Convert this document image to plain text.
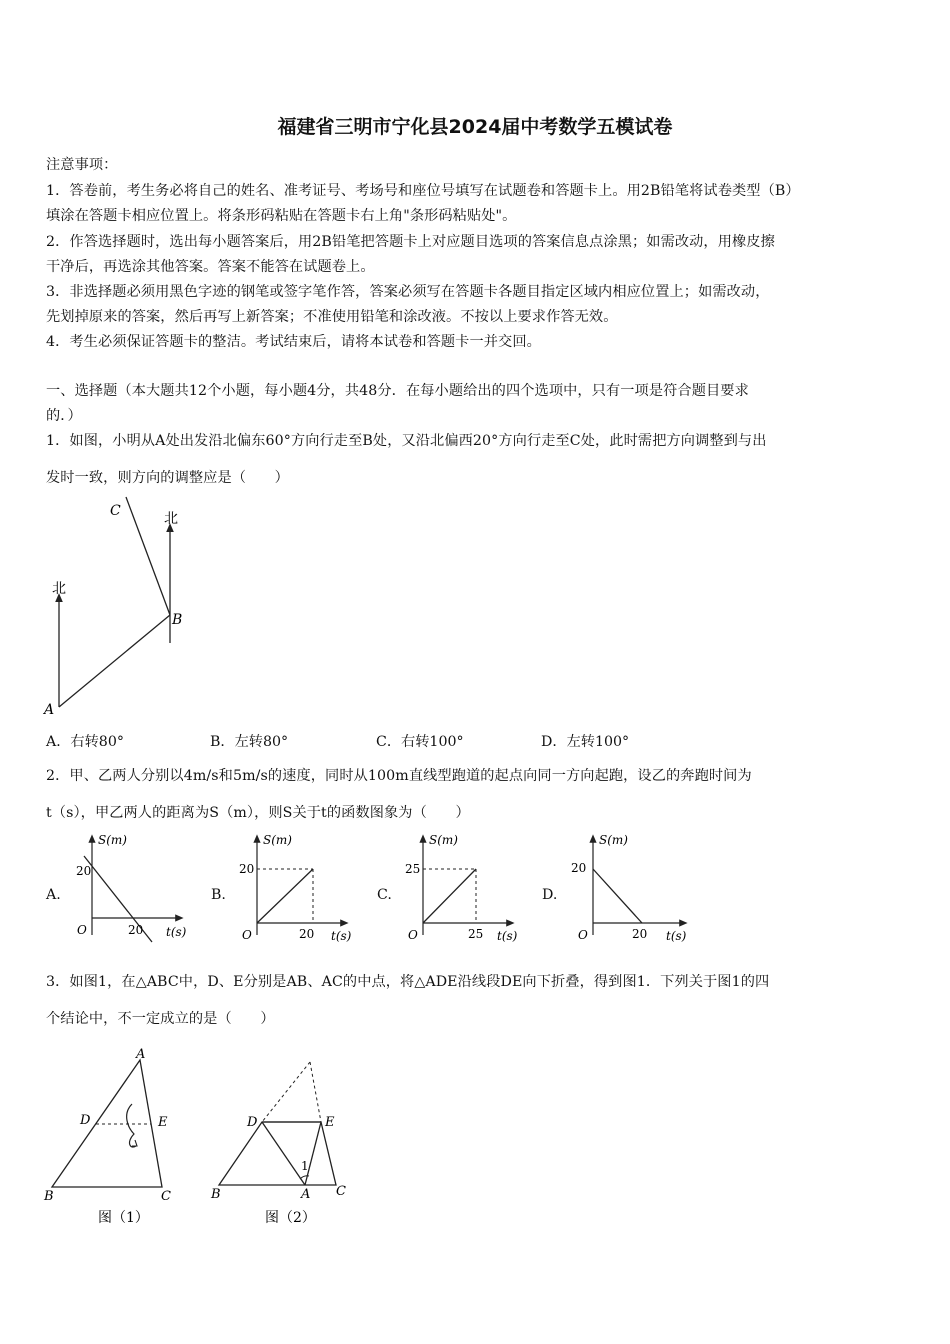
福建省三明市宁化县2024届中考数学五模试卷
注意事项：
1．答卷前，考生务必将自己的姓名、准考证号、考场号和座位号填写在试题卷和答题卡上。用2B铅笔将试卷类型（B）
填涂在答题卡相应位置上。将条形码粘贴在答题卡右上角"条形码粘贴处"。
2．作答选择题时，选出每小题答案后，用2B铅笔把答题卡上对应题目选项的答案信息点涂黑；如需改动，用橡皮擦
干净后，再选涂其他答案。答案不能答在试题卷上。
3．非选择题必须用黑色字迹的钢笔或签字笔作答，答案必须写在答题卡各题目指定区域内相应位置上；如需改动，
先划掉原来的答案，然后再写上新答案；不准使用铅笔和涂改液。不按以上要求作答无效。
4．考生必须保证答题卡的整洁。考试结束后，请将本试卷和答题卡一并交回。
一、选择题（本大题共12个小题，每小题4分，共48分．在每小题给出的四个选项中，只有一项是符合题目要求
的．）
1．如图，小明从A处出发沿北偏东60°方向行走至B处，又沿北偏西20°方向行走至C处，此时需把方向调整到与出
发时一致，则方向的调整应是（　　）
A
B
C
北
北
A．右转80°	B．左转80°	C．右转100°	D．左转100°
2．甲、乙两人分别以4m/s和5m/s的速度，同时从100m直线型跑道的起点向同一方向起跑，设乙的奔跑时间为
t（s），甲乙两人的距离为S（m），则S关于t的函数图象为（　　）
A.
S(m)
t(s)
O
20
20
B.
S(m)
t(s)
O
20
20
C.
S(m)
t(s)
O
25
25
D.
S(m)
t(s)
O
20
20
3．如图1，在△ABC中，D、E分别是AB、AC的中点，将△ADE沿线段DE向下折叠，得到图1．下列关于图1的四
个结论中，不一定成立的是（　　）
A
D	E
B	C
图（1）
1
D	E
B	A C
图（2）
